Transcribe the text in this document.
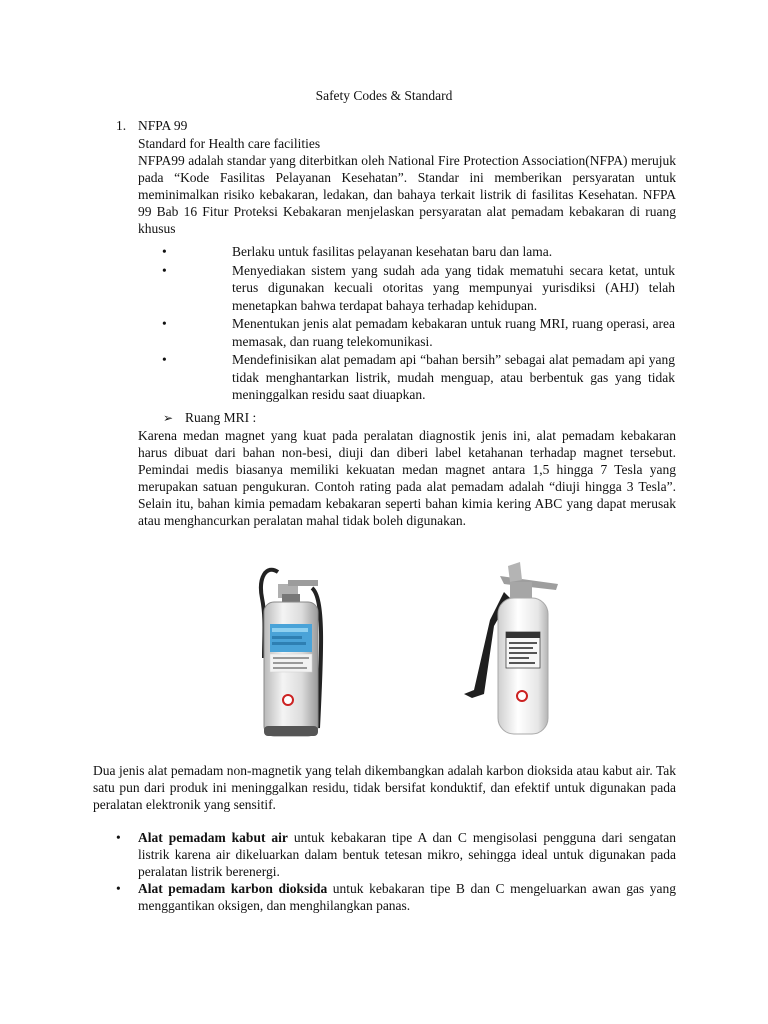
Safety Codes & Standard
1. NFPA 99
Standard for Health care facilities
NFPA99 adalah standar yang diterbitkan oleh National Fire Protection Association(NFPA) merujuk pada “Kode Fasilitas Pelayanan Kesehatan”. Standar ini memberikan persyaratan untuk meminimalkan risiko kebakaran, ledakan, dan bahaya terkait listrik di fasilitas Kesehatan. NFPA 99 Bab 16 Fitur Proteksi Kebakaran menjelaskan persyaratan alat pemadam kebakaran di ruang khusus
•	Berlaku untuk fasilitas pelayanan kesehatan baru dan lama.
•	Menyediakan sistem yang sudah ada yang tidak mematuhi secara ketat, untuk terus digunakan kecuali otoritas yang mempunyai yurisdiksi (AHJ) telah menetapkan bahwa terdapat bahaya terhadap kehidupan.
•	Menentukan jenis alat pemadam kebakaran untuk ruang MRI, ruang operasi, area memasak, dan ruang telekomunikasi.
•	Mendefinisikan alat pemadam api “bahan bersih” sebagai alat pemadam api yang tidak menghantarkan listrik, mudah menguap, atau berbentuk gas yang tidak meninggalkan residu saat diuapkan.
➢ Ruang MRI :
Karena medan magnet yang kuat pada peralatan diagnostik jenis ini, alat pemadam kebakaran harus dibuat dari bahan non-besi, diuji dan diberi label ketahanan terhadap magnet tersebut. Pemindai medis biasanya memiliki kekuatan medan magnet antara 1,5 hingga 7 Tesla yang merupakan satuan pengukuran. Contoh rating pada alat pemadam adalah “diuji hingga 3 Tesla”. Selain itu, bahan kimia pemadam kebakaran seperti bahan kimia kering ABC yang dapat merusak atau menghancurkan peralatan mahal tidak boleh digunakan.
Dua jenis alat pemadam non-magnetik yang telah dikembangkan adalah karbon dioksida atau kabut air. Tak satu pun dari produk ini meninggalkan residu, tidak bersifat konduktif, dan efektif untuk digunakan pada peralatan elektronik yang sensitif.
• Alat pemadam kabut air untuk kebakaran tipe A dan C mengisolasi pengguna dari sengatan listrik karena air dikeluarkan dalam bentuk tetesan mikro, sehingga ideal untuk digunakan pada peralatan listrik berenergi.
• Alat pemadam karbon dioksida untuk kebakaran tipe B dan C mengeluarkan awan gas yang menggantikan oksigen, dan menghilangkan panas.
